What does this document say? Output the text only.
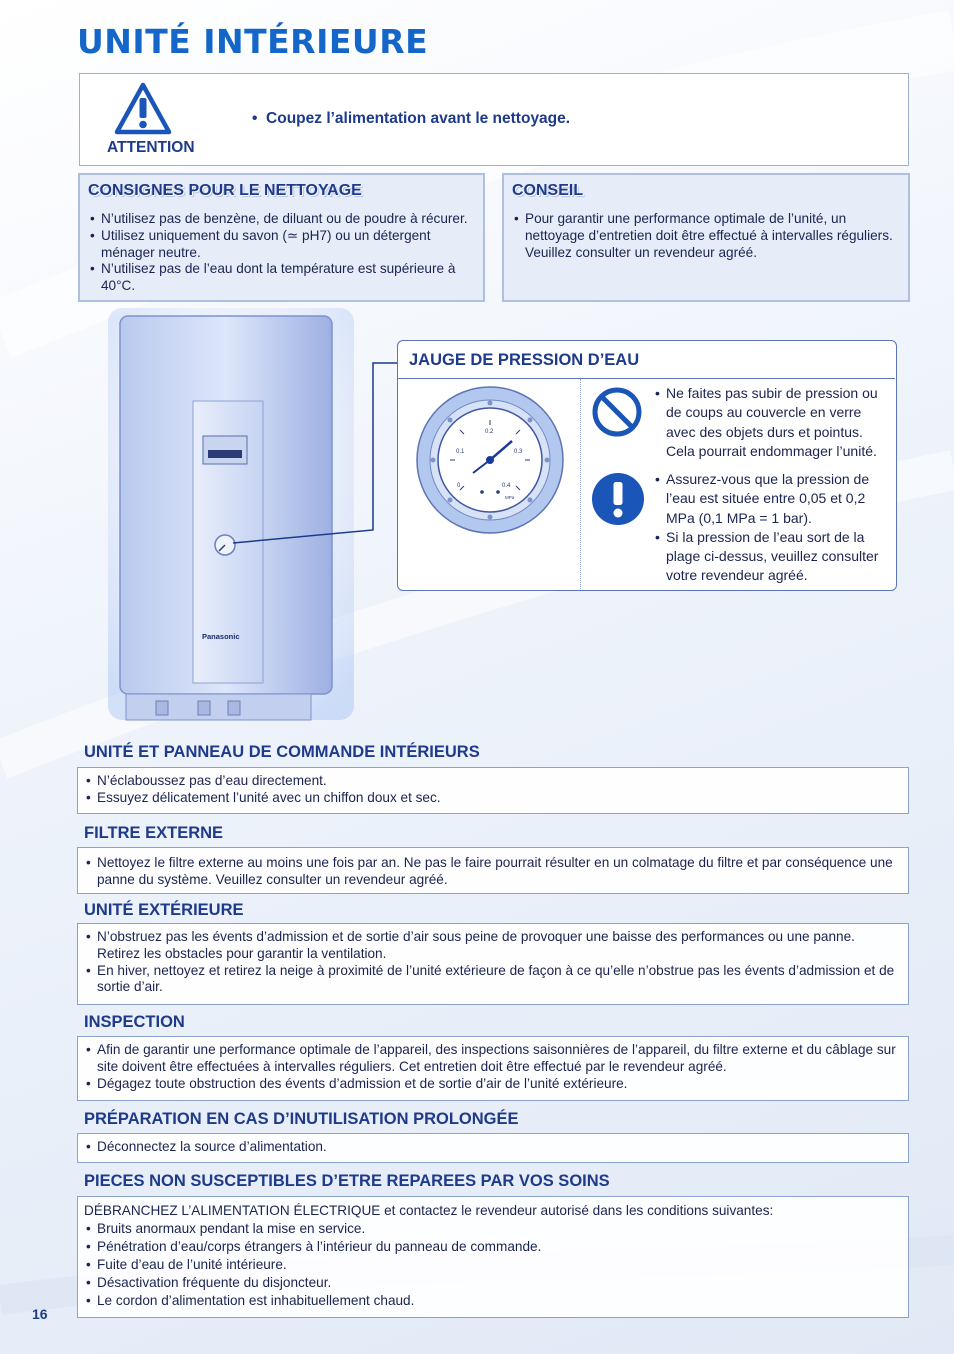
UNITÉ INTÉRIEURE
ATTENTION
•  Coupez l’alimentation avant le nettoyage.
CONSIGNES POUR LE NETTOYAGE
• N’utilisez pas de benzène, de diluant ou de poudre à récurer.
• Utilisez uniquement du savon (≃ pH7) ou un détergent ménager neutre.
• N’utilisez pas de l’eau dont la température est supérieure à 40°C.
CONSEIL
• Pour garantir une performance optimale de l’unité, un nettoyage d’entretien doit être effectué à intervalles réguliers. Veuillez consulter un revendeur agréé.
Panasonic
JAUGE DE PRESSION D’EAU
0
0.1
0.2
0.3
0.4
MPa
• Ne faites pas subir de pression ou de coups au couvercle en verre avec des objets durs et pointus. Cela pourrait endommager l’unité.
• Assurez-vous que la pression de l’eau est située entre 0,05 et 0,2 MPa (0,1 MPa = 1 bar).
• Si la pression de l’eau sort de la plage ci-dessus, veuillez consulter votre revendeur agréé.
UNITÉ ET PANNEAU DE COMMANDE INTÉRIEURS
• N’éclaboussez pas d’eau directement.
• Essuyez délicatement l’unité avec un chiffon doux et sec.
FILTRE EXTERNE
• Nettoyez le filtre externe au moins une fois par an. Ne pas le faire pourrait résulter en un colmatage du filtre et par conséquence une panne du système. Veuillez consulter un revendeur agréé.
UNITÉ EXTÉRIEURE
• N’obstruez pas les évents d’admission et de sortie d’air sous peine de provoquer une baisse des performances ou une panne. Retirez les obstacles pour garantir la ventilation.
• En hiver, nettoyez et retirez la neige à proximité de l’unité extérieure de façon à ce qu’elle n’obstrue pas les évents d’admission et de sortie d’air.
INSPECTION
• Afin de garantir une performance optimale de l’appareil, des inspections saisonnières de l’appareil, du filtre externe et du câblage sur site doivent être effectuées à intervalles réguliers. Cet entretien doit être effectué par le revendeur agréé.
• Dégagez toute obstruction des évents d’admission et de sortie d’air de l’unité extérieure.
PRÉPARATION EN CAS D’INUTILISATION PROLONGÉE
• Déconnectez la source d’alimentation.
PIECES NON SUSCEPTIBLES D’ETRE REPAREES PAR VOS SOINS
DÉBRANCHEZ L’ALIMENTATION ÉLECTRIQUE et contactez le revendeur autorisé dans les conditions suivantes:
• Bruits anormaux pendant la mise en service.
• Pénétration d’eau/corps étrangers à l’intérieur du panneau de commande.
• Fuite d’eau de l’unité intérieure.
• Désactivation fréquente du disjoncteur.
• Le cordon d’alimentation est inhabituellement chaud.
16
